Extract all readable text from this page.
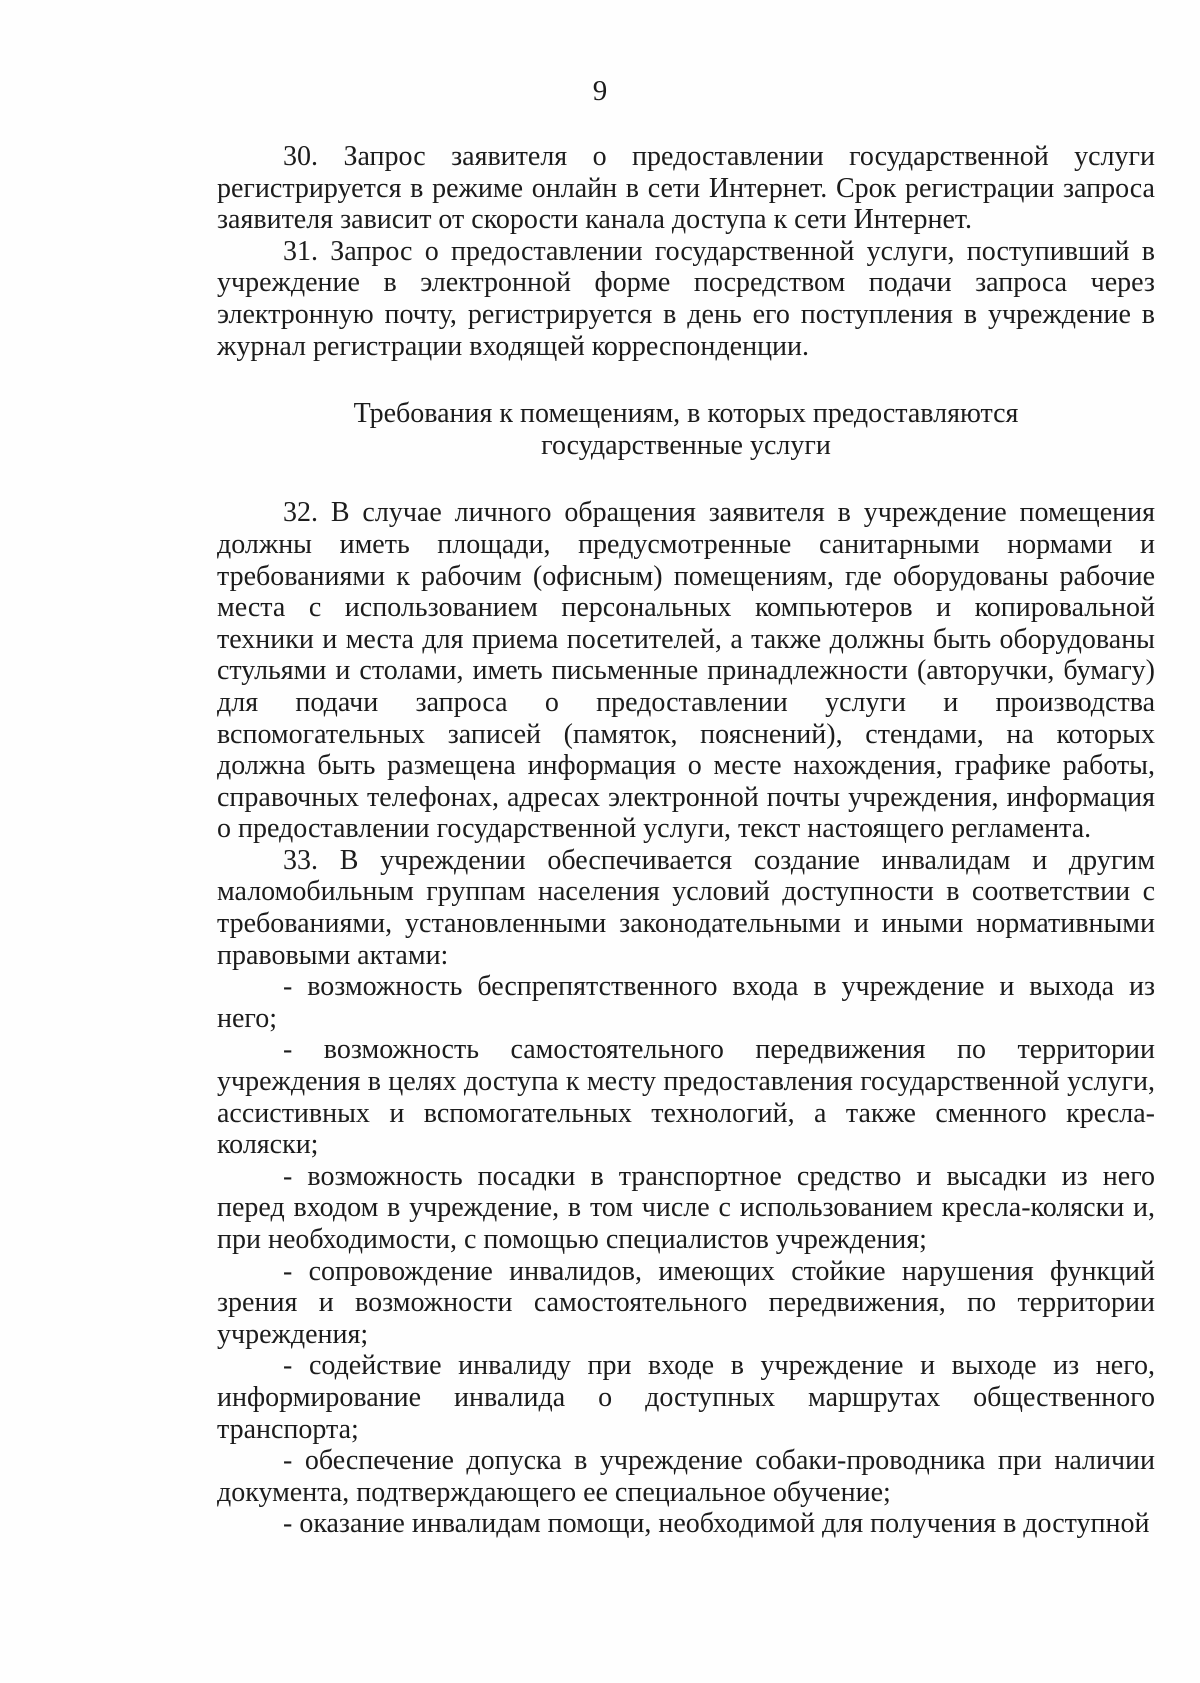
9

30. Запрос заявителя о предоставлении государственной услуги регистрируется в режиме онлайн в сети Интернет. Срок регистрации запроса заявителя зависит от скорости канала доступа к сети Интернет.

31. Запрос о предоставлении государственной услуги, поступивший в учреждение в электронной форме посредством подачи запроса через электронную почту, регистрируется в день его поступления в учреждение в журнал регистрации входящей корреспонденции.

Требования к помещениям, в которых предоставляются
государственные услуги

32. В случае личного обращения заявителя в учреждение помещения должны иметь площади, предусмотренные санитарными нормами и требованиями к рабочим (офисным) помещениям, где оборудованы рабочие места с использованием персональных компьютеров и копировальной техники и места для приема посетителей, а также должны быть оборудованы стульями и столами, иметь письменные принадлежности (авторучки, бумагу) для подачи запроса о предоставлении услуги и производства вспомогательных записей (памяток, пояснений), стендами, на которых должна быть размещена информация о месте нахождения, графике работы, справочных телефонах, адресах электронной почты учреждения, информация о предоставлении государственной услуги, текст настоящего регламента.

33. В учреждении обеспечивается создание инвалидам и другим маломобильным группам населения условий доступности в соответствии с требованиями, установленными законодательными и иными нормативными правовыми актами:

- возможность беспрепятственного входа в учреждение и выхода из него;

- возможность самостоятельного передвижения по территории учреждения в целях доступа к месту предоставления государственной услуги, ассистивных и вспомогательных технологий, а также сменного кресла-коляски;

- возможность посадки в транспортное средство и высадки из него перед входом в учреждение, в том числе с использованием кресла-коляски и, при необходимости, с помощью специалистов учреждения;

- сопровождение инвалидов, имеющих стойкие нарушения функций зрения и возможности самостоятельного передвижения, по территории учреждения;

- содействие инвалиду при входе в учреждение и выходе из него, информирование инвалида о доступных маршрутах общественного транспорта;

- обеспечение допуска в учреждение собаки-проводника при наличии документа, подтверждающего ее специальное обучение;

- оказание инвалидам помощи, необходимой для получения в доступной
